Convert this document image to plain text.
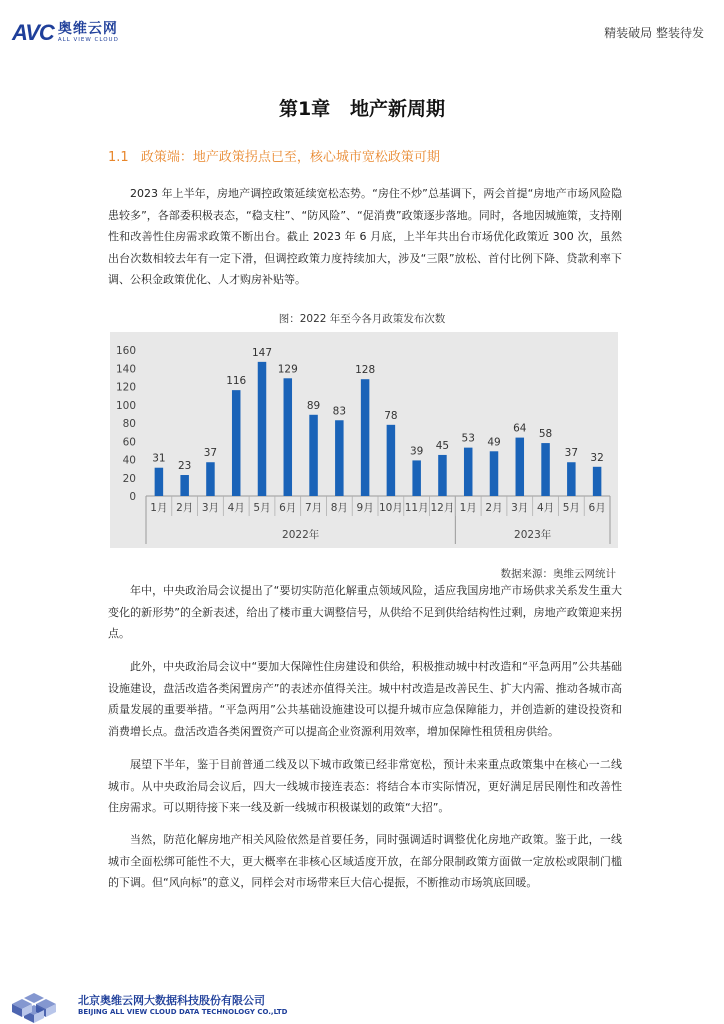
AVC 奥维云网
ALL VIEW CLOUD
精装破局 整装待发
第1章   地产新周期
1.1 政策端：地产政策拐点已至，核心城市宽松政策可期

2023 年上半年，房地产调控政策延续宽松态势。“房住不炒”总基调下，两会首提“房地产市场风险隐患较多”，各部委积极表态，“稳支柱”、“防风险”、“促消费”政策逐步落地。同时，各地因城施策，支持刚性和改善性住房需求政策不断出台。截止 2023 年 6 月底，上半年共出台市场优化政策近 300 次，虽然出台次数相较去年有一定下滑，但调控政策力度持续加大，涉及“三限”放松、首付比例下降、贷款利率下调、公积金政策优化、人才购房补贴等。

图：2022 年至今各月政策发布次数
0
20
40
60
80
100
120
140
160
31
1月
23
2月
37
3月
116
4月
147
5月
129
6月
89
7月
83
8月
128
9月
78
10月
39
11月
45
12月
53
1月
49
2月
64
3月
58
4月
37
5月
32
6月
2022年	2023年
数据来源：奥维云网统计

年中，中央政治局会议提出了“要切实防范化解重点领域风险，适应我国房地产市场供求关系发生重大变化的新形势”的全新表述，给出了楼市重大调整信号，从供给不足到供给结构性过剩，房地产政策迎来拐点。

此外，中央政治局会议中“要加大保障性住房建设和供给，积极推动城中村改造和“平急两用”公共基础设施建设，盘活改造各类闲置房产”的表述亦值得关注。城中村改造是改善民生、扩大内需、推动各城市高质量发展的重要举措。“平急两用”公共基础设施建设可以提升城市应急保障能力，并创造新的建设投资和消费增长点。盘活改造各类闲置资产可以提高企业资源利用效率，增加保障性租赁租房供给。

展望下半年，鉴于目前普通二线及以下城市政策已经非常宽松，预计未来重点政策集中在核心一二线城市。从中央政治局会议后，四大一线城市接连表态：将结合本市实际情况，更好满足居民刚性和改善性住房需求。可以期待接下来一线及新一线城市积极谋划的政策“大招”。

当然，防范化解房地产相关风险依然是首要任务，同时强调适时调整优化房地产政策。鉴于此，一线城市全面松绑可能性不大，更大概率在非核心区域适度开放，在部分限制政策方面做一定放松或限制门槛的下调。但“风向标”的意义，同样会对市场带来巨大信心提振，不断推动市场筑底回暖。

北京奥维云网大数据科技股份有限公司
BEIJING ALL VIEW CLOUD DATA TECHNOLOGY CO.,LTD
